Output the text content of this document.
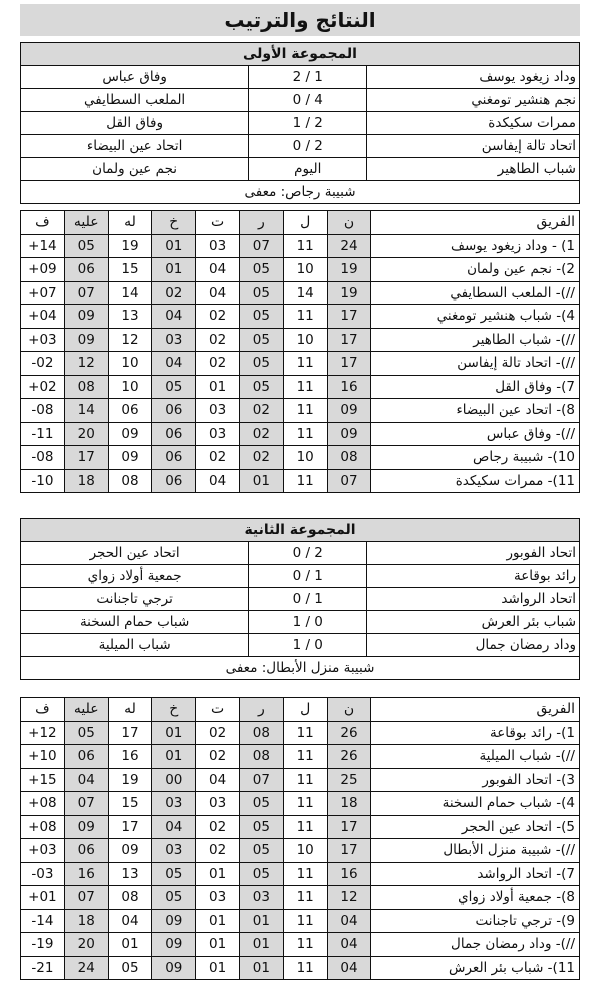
النتائج والترتيب
المجموعة الأولى		
وداد زيغود يوسف	1 / 2	وفاق عباس
نجم هنشير تومغني	4 / 0	الملعب السطايفي
ممرات سكيكدة	2 / 1	وفاق القل
اتحاد تالة إيفاسن	2 / 0	اتحاد عين البيضاء
شباب الطاهير	اليوم	نجم عين ولمان
شبيبة رجاص: معفى		
الفريق	ن	ل	ر	ت	خ	له	عليه	ف
1) - وداد زيغود يوسف	24	11	07	03	01	19	05	14+
2)- نجم عين ولمان	19	10	05	04	01	15	06	09+
//)- الملعب السطايفي	19	14	05	04	02	14	07	07+
4)- شباب هنشير تومغني	17	11	05	02	04	13	09	04+
//)- شباب الطاهير	17	10	05	02	03	12	09	03+
//)- اتحاد تالة إيفاسن	17	11	05	02	04	10	12	02-
7)- وفاق القل	16	11	05	01	05	10	08	02+
8)- اتحاد عين البيضاء	09	11	02	03	06	06	14	08-
//)- وفاق عباس	09	11	02	03	06	09	20	11-
10)- شبيبة رجاص	08	10	02	02	06	09	17	08-
11)- ممرات سكيكدة	07	11	01	04	06	08	18	10-
المجموعة الثانية		
اتحاد الفوبور	2 / 0	اتحاد عين الحجر
رائد بوقاعة	1 / 0	جمعية أولاد زواي
اتحاد الرواشد	1 / 0	ترجي تاجنانت
شباب بئر العرش	0 / 1	شباب حمام السخنة
وداد رمضان جمال	0 / 1	شباب الميلية
شبيبة منزل الأبطال: معفى		
الفريق	ن	ل	ر	ت	خ	له	عليه	ف
1)- رائد بوقاعة	26	11	08	02	01	17	05	12+
//)- شباب الميلية	26	11	08	02	01	16	06	10+
3)- اتحاد الفوبور	25	11	07	04	00	19	04	15+
4)- شباب حمام السخنة	18	11	05	03	03	15	07	08+
5)- اتحاد عين الحجر	17	11	05	02	04	17	09	08+
//)- شبيبة منزل الأبطال	17	10	05	02	03	09	06	03+
7)- اتحاد الرواشد	16	11	05	01	05	13	16	03-
8)- جمعية أولاد زواي	12	11	03	03	05	08	07	01+
9)- ترجي تاجنانت	04	11	01	01	09	04	18	14-
//)- وداد رمضان جمال	04	11	01	01	09	01	20	19-
11)- شباب بئر العرش	04	11	01	01	09	05	24	21-
